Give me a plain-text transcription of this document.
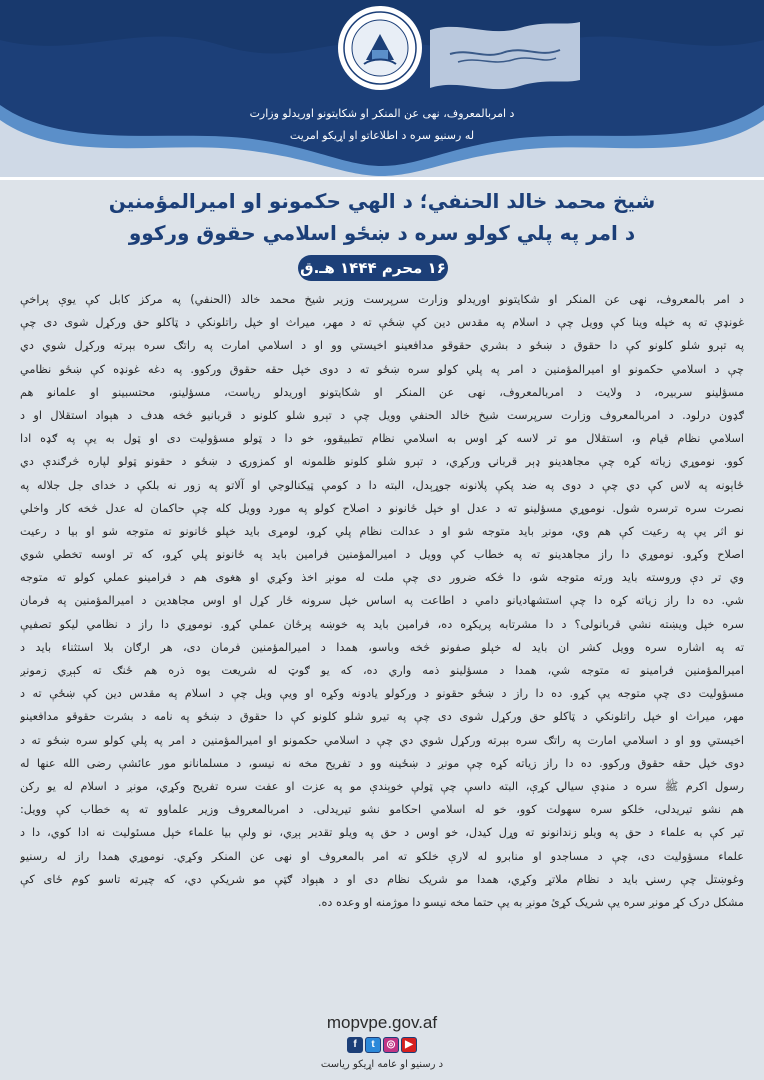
د امربالمعروف، نهی عن المنکر او شکایتونو اوریدلو وزارت
له رسنیو سره د اطلاعاتو او اړیکو امریت
شیخ محمد خالد الحنفي؛ د الهي حکمونو او امیرالمؤمنین
د امر په پلي کولو سره د ښځو اسلامي حقوق ورکوو
۱۶ محرم ۱۴۴۴ هـ.ق
د امر بالمعروف، نهی عن المنکر او شکایتونو اوریدلو وزارت سرپرست وزیر شیخ محمد خالد (الحنفي) په مرکز کابل کې یوې پراخې
غونډې ته په خپله وینا کې وویل چې د اسلام په مقدس دین کې ښځې ته د مهر، میراث او خپل راتلونکي د ټاکلو حق ورکړل شوی دی چې
په تېرو شلو کلونو کې دا حقوق د ښځو د بشري حقوقو مدافعینو اخیستي وو او د اسلامي امارت په راتګ سره بېرته ورکړل شوي دي
چې د اسلامي حکمونو او امیرالمؤمنین د امر په پلي کولو سره ښځو ته د دوی خپل حقه حقوق ورکوو. په دغه غونډه کې ښځو نظامي
مسؤلینو سربیره، د ولایت د امربالمعروف، نهی عن المنکر او شکایتونو اوریدلو ریاست، مسؤلینو، محتسبینو او علمانو هم
ګډون درلود. د امربالمعروف وزارت سرپرست شیخ خالد الحنفي وویل چې د تېرو شلو کلونو د قربانیو څخه هدف د هېواد استقلال او د
اسلامي نظام قیام و، استقلال مو تر لاسه کړ اوس به اسلامي نظام تطبیقوو، خو دا د ټولو مسؤولیت دی او ټول به یې په ګډه ادا
کوو. نوموړي زیاته کړه چې مجاهدینو ډېر قربانۍ ورکړي، د تېرو شلو کلونو ظلمونه او کمزورۍ د ښځو د حقونو ټولو لپاره څرګندې دي
ځاېونه په لاس کې دي چې د دوی په ضد پکې پلانونه جوړېدل، البته دا د کومې ټیکنالوجي او آلاتو په زور نه بلکې د خدای جل جلاله په
نصرت سره ترسره شول. نوموړي مسؤلینو ته د عدل او خپل ځانونو د اصلاح کولو په مورد وویل کله چې حاکمان له عدل څخه کار واخلي
نو اثر یې په رعیت کې هم وي، مونږ باید متوجه شو او د عدالت نظام پلي کړو، لومړی باید خپلو ځانونو ته متوجه شو او بیا د رعیت
اصلاح وکړو. نوموړي دا راز مجاهدینو ته په خطاب کې وویل د امیرالمؤمنین فرامین باید په ځانونو پلي کړو، که تر اوسه تخطي شوي
وي تر دې وروسته باید ورته متوجه شو، دا څکه ضرور دی چې ملت له مونږ اخذ وکړي او هغوی هم د فرامینو عملي کولو ته متوجه
شي. ده دا راز زیاته کړه دا چې استشهادیانو دامي د اطاعت په اساس خپل سرونه ځار کړل او اوس مجاهدین د امیرالمؤمنین په فرمان
سره خپل ویښته نشي قربانولی؟ د دا مشرتابه پریکړه ده، فرامین باید په خوښه پرځان عملي کړو. نوموړي دا راز د نظامي لیکو تصفیې
ته په اشاره سره وویل کشر ان باید له خپلو صفونو څخه وباسو، همدا د امیرالمؤمنین فرمان دی، هر ارګان بلا استثناء باید د
امیرالمؤمنین فرامینو ته متوجه شي، همدا د مسؤلینو ذمه واري ده، که یو ګوټ له شریعت یوه ذره هم ځنګ ته کېږي زمونږ
مسؤولیت دی چې متوجه یې کړو. ده دا راز د ښځو حقونو د ورکولو یادونه وکړه او ویې ویل چې د اسلام په مقدس دین کې ښځې ته د
مهر، میراث او خپل راتلونکي د ټاکلو حق ورکړل شوی دی چې په تیرو شلو کلونو کې دا حقوق د ښځو په نامه د بشرت حقوقو مدافعینو
اخیستي وو او د اسلامي امارت په راتګ سره بېرته ورکړل شوي دي چې د اسلامي حکمونو او امیرالمؤمنین د امر په پلي کولو سره ښځو ته د
دوی خپل حقه حقوق ورکوو. ده دا راز زیاته کړه چې مونږ د ښځینه وو د تفریح مخه نه نیسو، د مسلمانانو مور عائشې رضی الله عنها له
رسول اکرم ﷺ سره د منډې سیالۍ کړې، البته داسې چې ټولې خوېندې مو په عزت او عفت سره تفریح وکړي، مونږ د اسلام له یو رکن
هم نشو تیریدلی، خلکو سره سهولت کوو، خو له اسلامي احکامو نشو تیریدلی. د امربالمعروف وزیر علماوو ته په خطاب کې وویل:
تیر کې به علماء د حق په ویلو زندانونو ته وړل کیدل، خو اوس د حق په ویلو تقدیر ېږي، نو ولې بیا علماء خپل مسئولیت نه ادا کوي، دا د
علماء مسؤولیت دی، چې د مساجدو او منابرو له لارې خلکو ته امر بالمعروف او نهی عن المنکر وکړي. نوموړي همدا راز له رسنیو
وغوښتل چې رسنۍ باید د نظام ملاتړ وکړي، همدا مو شریک نظام دی او د هېواد ګټې مو شریکې دي، که چیرته تاسو کوم ځای کې
مشکل درک کړ مونږ سره یې شریک کړئ مونږ به یې حتما مخه نیسو دا موژمنه او وعده ده.
mopvpe.gov.af
f	t	◎ ▶
د رسنیو او عامه اړیکو ریاست
